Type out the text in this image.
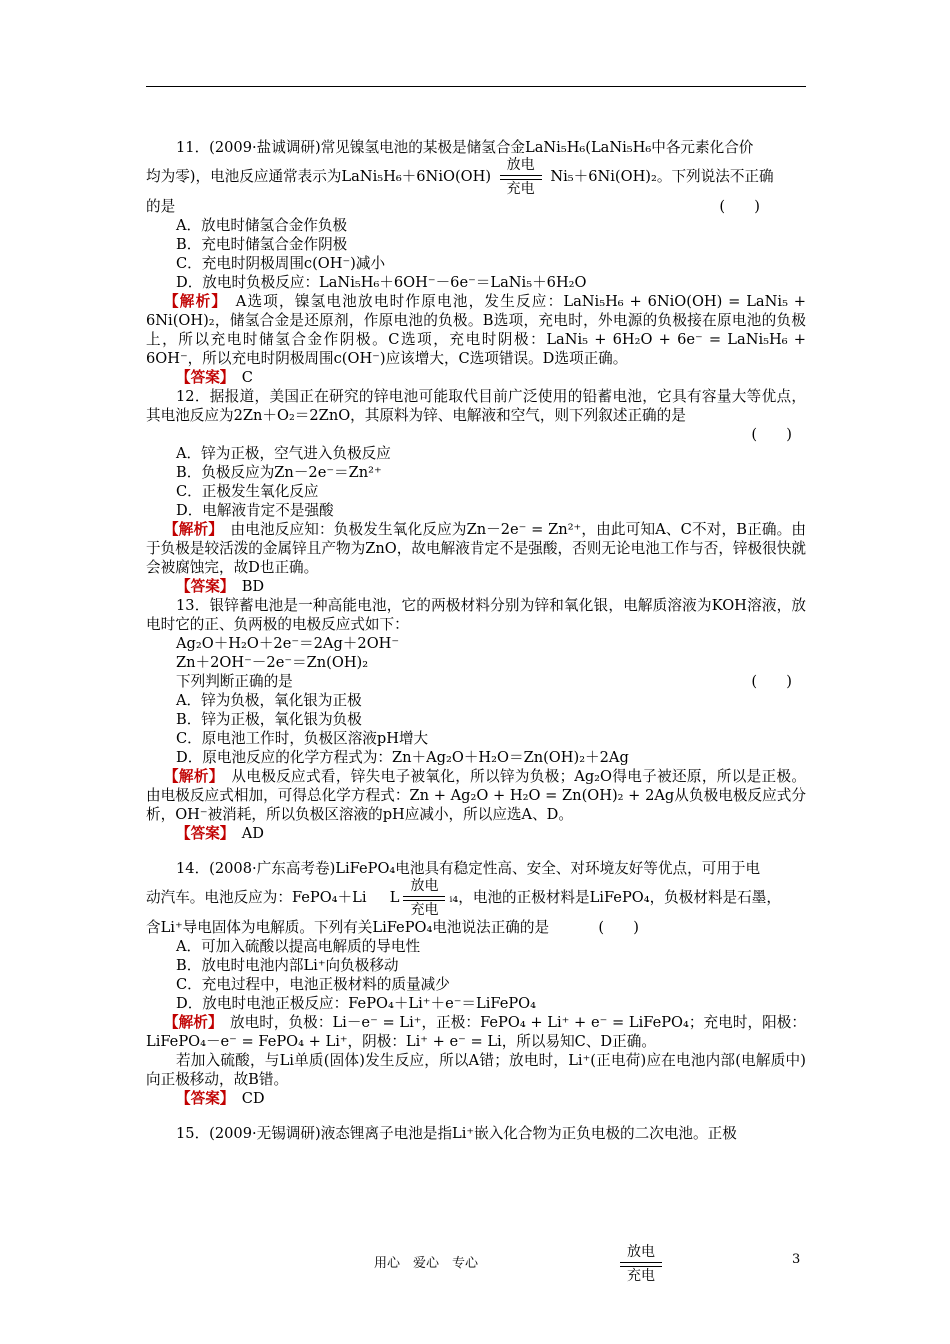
11．(2009·盐诚调研)常见镍氢电池的某极是储氢合金LaNi₅H₆(LaNi₅H₆中各元素化合价

均为零)，电池反应通常表示为LaNi₅H₆＋6NiO(OH)
放电
充电
Ni₅＋6Ni(OH)₂。下列说法不正确

的是	(　　)

A．放电时储氢合金作负极

B．充电时储氢合金作阴极

C．充电时阴极周围c(OH⁻)减小

D．放电时负极反应：LaNi₅H₆＋6OH⁻－6e⁻＝LaNi₅＋6H₂O

【解析】　 A选项，镍氢电池放电时作原电池，发生反应：LaNi₅H₆ + 6NiO(OH) = LaNi₅ + 6Ni(OH)₂，储氢合金是还原剂，作原电池的负极。B选项，充电时，外电源的负极接在原电池的负极上，所以充电时储氢合金作阴极。C选项，充电时阴极：LaNi₅ + 6H₂O + 6e⁻ = LaNi₅H₆ + 6OH⁻，所以充电时阴极周围c(OH⁻)应该增大，C选项错误。D选项正确。

【答案】　 C

12．据报道，美国正在研究的锌电池可能取代目前广泛使用的铅蓄电池，它具有容量大等优点，其电池反应为2Zn＋O₂＝2ZnO，其原料为锌、电解液和空气，则下列叙述正确的是

(　　)

A．锌为正极，空气进入负极反应

B．负极反应为Zn－2e⁻＝Zn²⁺

C．正极发生氧化反应

D．电解液肯定不是强酸

【解析】　 由电池反应知：负极发生氧化反应为Zn－2e⁻ = Zn²⁺，由此可知A、C不对，B正确。由于负极是较活泼的金属锌且产物为ZnO，故电解液肯定不是强酸，否则无论电池工作与否，锌极很快就会被腐蚀完，故D也正确。

【答案】　 BD

13．银锌蓄电池是一种高能电池，它的两极材料分别为锌和氧化银，电解质溶液为KOH溶液，放电时它的正、负两极的电极反应式如下：

Ag₂O＋H₂O＋2e⁻＝2Ag＋2OH⁻

Zn＋2OH⁻－2e⁻＝Zn(OH)₂

下列判断正确的是	(　　)

A．锌为负极，氧化银为正极

B．锌为正极，氧化银为负极

C．原电池工作时，负极区溶液pH增大

D．原电池反应的化学方程式为：Zn＋Ag₂O＋H₂O＝Zn(OH)₂＋2Ag

【解析】　 从电极反应式看，锌失电子被氧化，所以锌为负极；Ag₂O得电子被还原，所以是正极。由电极反应式相加，可得总化学方程式：Zn + Ag₂O + H₂O = Zn(OH)₂ + 2Ag从负极电极反应式分析，OH⁻被消耗，所以负极区溶液的pH应减小，所以应选A、D。

【答案】　 AD

14．(2008·广东高考卷)LiFePO₄电池具有稳定性高、安全、对环境友好等优点，可用于电

动汽车。电池反应为：FePO₄＋Li L
放电
充电
ᵢ₄，电池的正极材料是LiFePO₄，负极材料是石墨，

含Li⁺导电固体为电解质。下列有关LiFePO₄电池说法正确的是	(　　)

A．可加入硫酸以提高电解质的导电性

B．放电时电池内部Li⁺向负极移动

C．充电过程中，电池正极材料的质量减少

D．放电时电池正极反应：FePO₄＋Li⁺＋e⁻＝LiFePO₄

【解析】　 放电时，负极：Li－e⁻ = Li⁺，正极：FePO₄ + Li⁺ + e⁻ = LiFePO₄；充电时，阳极：LiFePO₄－e⁻ = FePO₄ + Li⁺，阴极：Li⁺ + e⁻ = Li，所以易知C、D正确。

若加入硫酸，与Li单质(固体)发生反应，所以A错；放电时，Li⁺(正电荷)应在电池内部(电解质中)向正极移动，故B错。

【答案】　 CD

15．(2009·无锡调研)液态锂离子电池是指Li⁺嵌入化合物为正负电极的二次电池。正极

用心　爱心　专心
放电
充电
3
